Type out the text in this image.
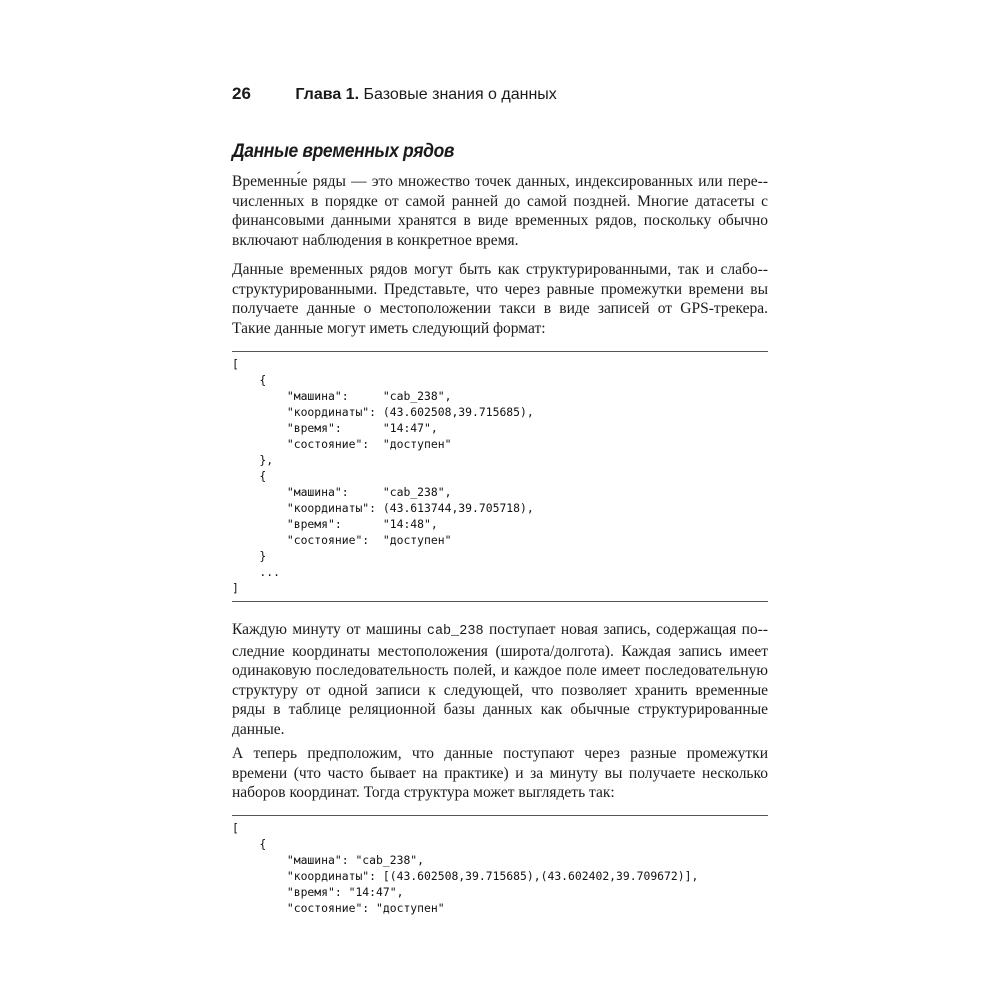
26	Глава 1. Базовые знания о данных
Данные временных рядов

Временны́е ряды — это множество точек данных, индексированных или пере-численных в порядке от самой ранней до самой поздней. Многие датасеты с финансовыми данными хранятся в виде временных рядов, поскольку обычно включают наблюдения в конкретное время.

Данные временных рядов могут быть как структурированными, так и слабо-структурированными. Представьте, что через равные промежутки времени вы получаете данные о местоположении такси в виде записей от GPS-трекера. Такие данные могут иметь следующий формат:

[
{
"машина":     "cab_238",
"координаты": (43.602508,39.715685),
"время":      "14:47",
"состояние":  "доступен"
},
{
"машина":     "cab_238",
"координаты": (43.613744,39.705718),
"время":      "14:48",
"состояние":  "доступен"
}
...
]

Каждую минуту от машины cab_238 поступает новая запись, содержащая по-следние координаты местоположения (широта/долгота). Каждая запись имеет одинаковую последовательность полей, и каждое поле имеет последовательную структуру от одной записи к следующей, что позволяет хранить временные ряды в таблице реляционной базы данных как обычные структурированные данные.

А теперь предположим, что данные поступают через разные промежутки времени (что часто бывает на практике) и за минуту вы получаете несколько наборов координат. Тогда структура может выглядеть так:

[
{
"машина": "cab_238",
"координаты": [(43.602508,39.715685),(43.602402,39.709672)],
"время": "14:47",
"состояние": "доступен"
